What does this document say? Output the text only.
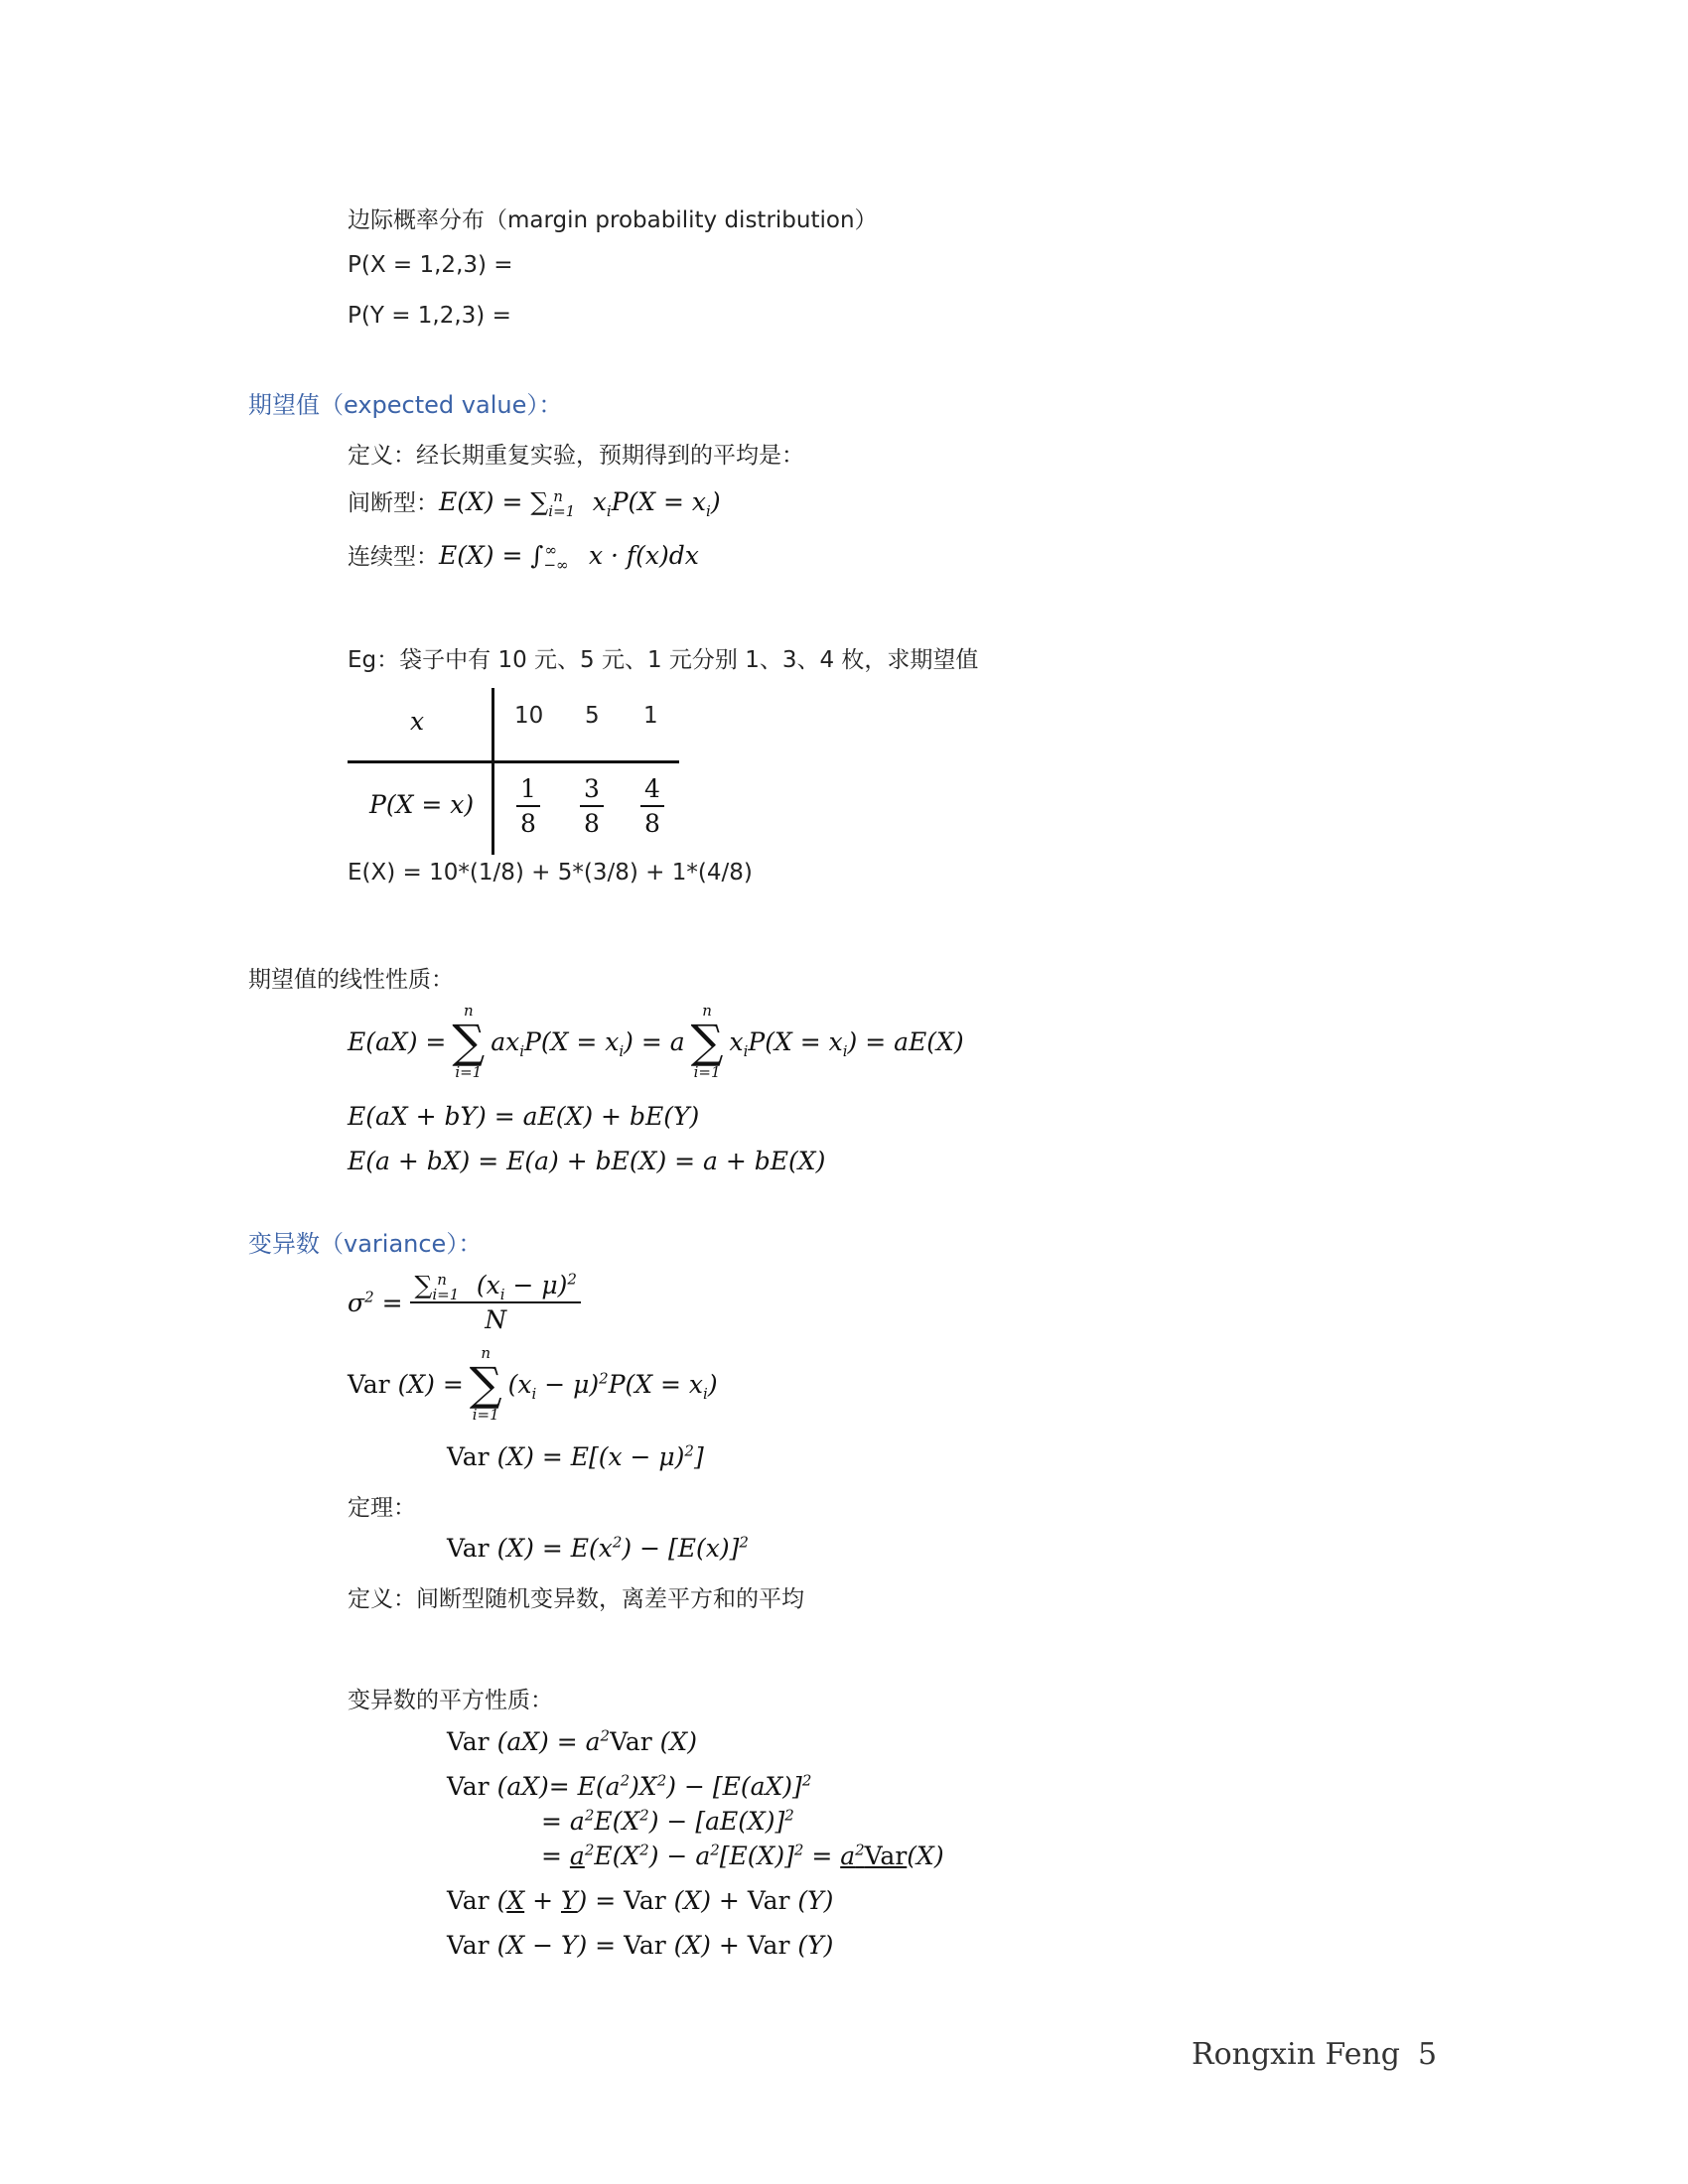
边际概率分布（margin probability distribution）
P(X = 1,2,3) =
P(Y = 1,2,3) =
期望值（expected value）：
定义：经长期重复实验，预期得到的平均是：
间断型：$E(X) = \sum_{i=1}^n$ $x_iP(X = x_i)$
连续型：$E(X) = \int_{-\infty}^\infty$ x · f(x)dx
Eg：袋子中有 10 元、5 元、1 元分别 1、3、4 枚，求期望值
x	10 5 1
$P(X = x) \frac{1}{8} \frac{3}{8} \frac{4}{8}$
E(X) = 10*(1/8) + 5*(3/8) + 1*(4/8)
期望值的线性性质：
E(aX) =
n
∑
i=1
$ax_iP(X = x_i) = a$
n
∑
i=1
$x_iP(X = x_i) = aE(X)$
E(aX + bY) = aE(X) + bE(Y)
E(a + bX) = E(a) + bE(X) = a + bE(X)
变异数（variance）：
$\sigma^2 = \frac{\sum_{i=1}^n (x_i - \mu)^2}{N}$
Var (X) =
n
∑
i=1
$(x_i - \mu)^2P(X = x_i)$
Var $(X) = E[(x - \mu)^2]$
定理：
Var $(X) = E(x^2) - [E(x)]^2$
定义：间断型随机变异数，离差平方和的平均
变异数的平方性质：
Var $(aX) = a^2Var$ (X)
Var $(aX)= E(a^2)X^2) - [E(aX)]^2$
= $a^2E(X^2) - [aE(X)]^2$
= $a^2E(X^2) - a^2[E(X)]^2 = a^2Var(X)$
Var (X + Y) = Var (X) + Var (Y)
Var (X − Y) = Var (X) + Var (Y)
Rongxin Feng 5
